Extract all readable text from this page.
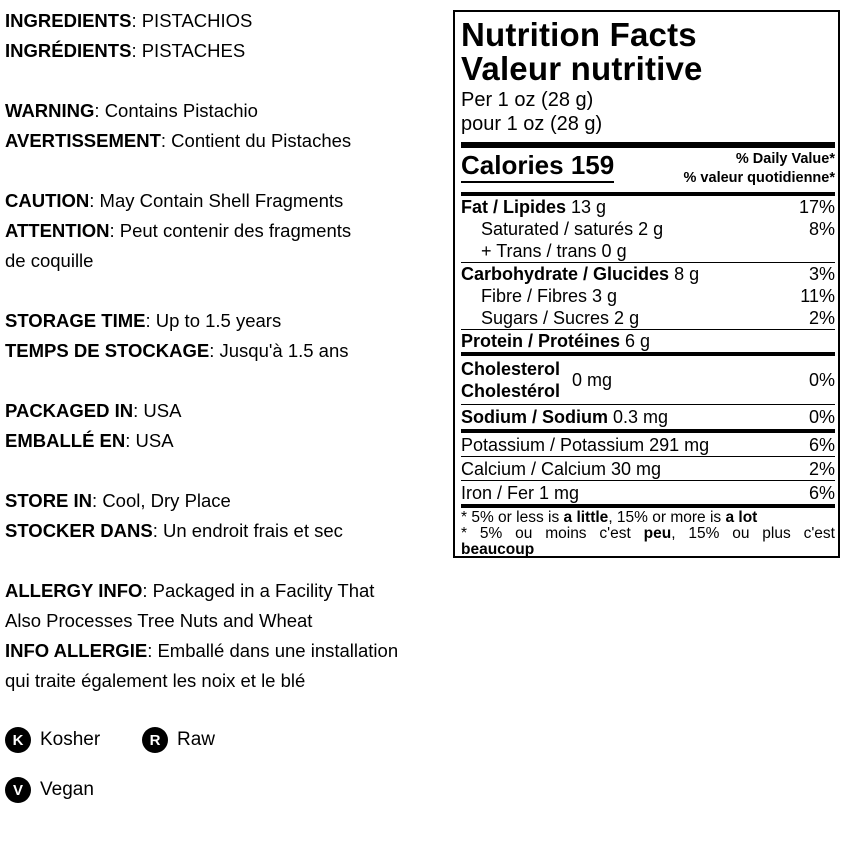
INGREDIENTS: PISTACHIOS
INGRÉDIENTS: PISTACHES
WARNING: Contains Pistachio
AVERTISSEMENT: Contient du Pistaches
CAUTION: May Contain Shell Fragments
ATTENTION: Peut contenir des fragments
de coquille
STORAGE TIME: Up to 1.5 years
TEMPS DE STOCKAGE: Jusqu'à 1.5 ans
PACKAGED IN: USA
EMBALLÉ EN: USA
STORE IN: Cool, Dry Place
STOCKER DANS: Un endroit frais et sec
ALLERGY INFO: Packaged in a Facility That
Also Processes Tree Nuts and Wheat
INFO ALLERGIE: Emballé dans une installation
qui traite également les noix et le blé
K Kosher	R Raw
V Vegan
Nutrition Facts
Valeur nutritive
Per 1 oz (28 g)
pour 1 oz (28 g)
Calories 159	% Daily Value*
% valeur quotidienne*
Fat / Lipides 13 g	17%
Saturated / saturés 2 g	8%
+ Trans / trans 0 g
Carbohydrate / Glucides 8 g	3%
Fibre / Fibres 3 g	11%
Sugars / Sucres 2 g	2%
Protein / Protéines 6 g
Cholesterol
Cholestérol
0 mg	0%
Sodium / Sodium 0.3 mg	0%
Potassium / Potassium 291 mg	6%
Calcium / Calcium 30 mg	2%
Iron / Fer 1 mg	6%
* 5% or less is a little, 15% or more is a lot
* 5% ou moins c'est peu, 15% ou plus c'est
beaucoup
